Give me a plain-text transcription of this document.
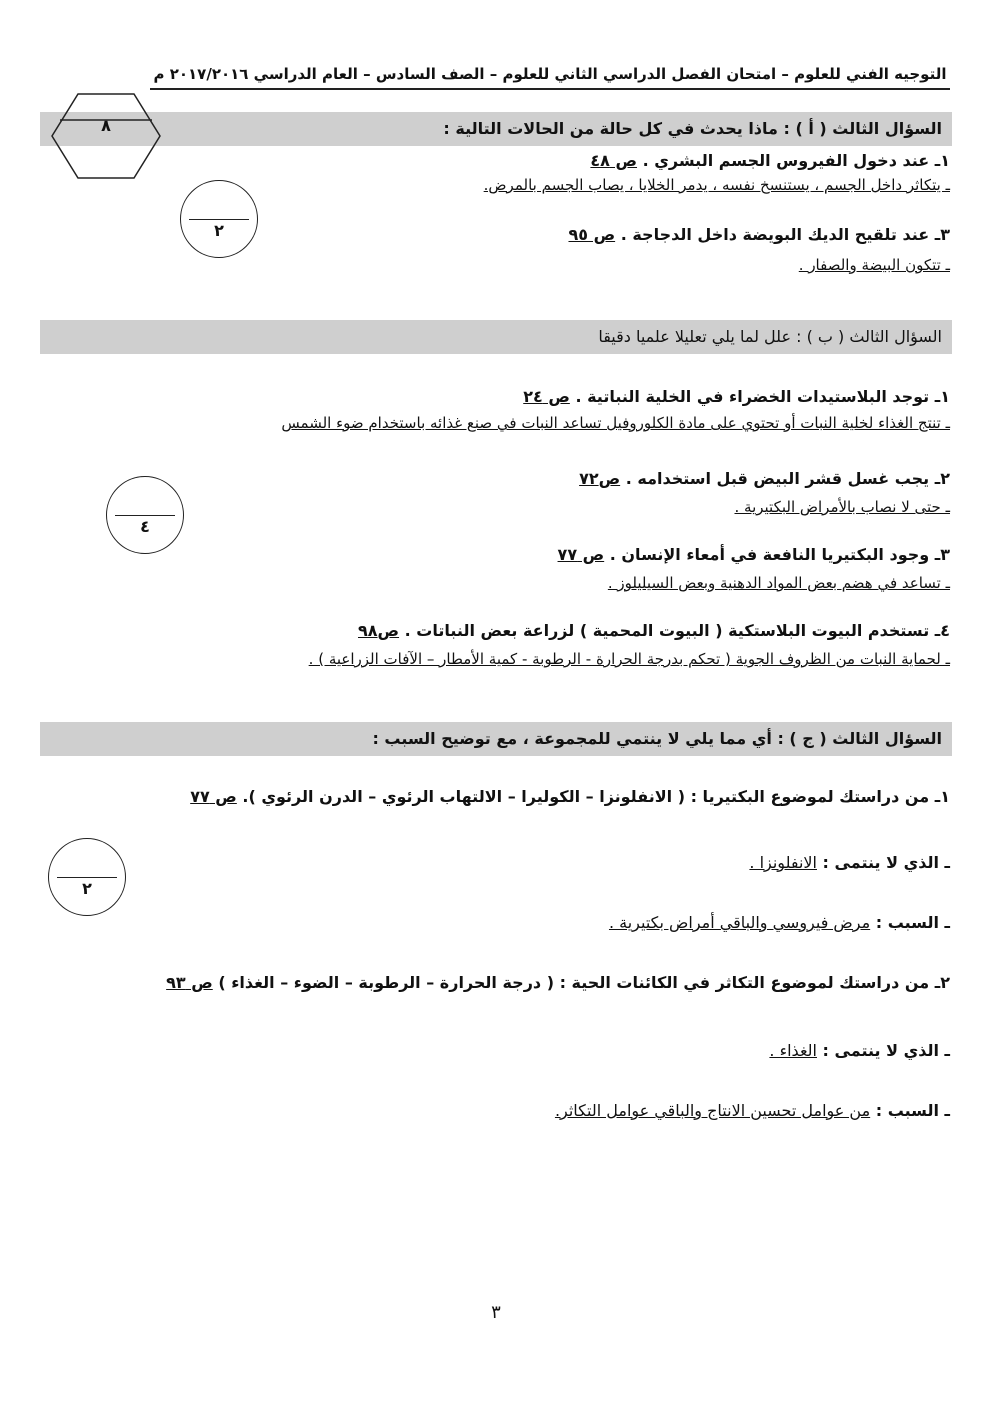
التوجيه الفني للعلوم – امتحان الفصل الدراسي الثاني للعلوم – الصف السادس – العام الدراسي ٢٠١٧/٢٠١٦ م
السؤال الثالث ( أ ) : ماذا يحدث في كل حالة من الحالات التالية :
٨
١ـ عند دخول الفيروس الجسم البشري . ص ٤٨
ـ يتكاثر داخل الجسم ، يستنسخ نفسه ، يدمر الخلايا ، يصاب الجسم بالمرض.
٢	٣ـ عند تلقيح الديك البويضة داخل الدجاجة . ص ٩٥
ـ تتكون البيضة والصفار .
السؤال الثالث ( ب ) : علل لما يلي تعليلا علميا دقيقا
١ـ توجد البلاستيدات الخضراء في الخلية النباتية . ص ٢٤
ـ تنتج الغذاء لخلية النبات أو تحتوي على مادة الكلوروفيل تساعد النبات في صنع غذائه باستخدام ضوء الشمس
٢ـ يجب غسل قشر البيض قبل استخدامه . ص٧٢
ـ حتى لا نصاب بالأمراض البكتيرية .
٤
٣ـ وجود البكتيريا النافعة في أمعاء الإنسان . ص ٧٧
ـ تساعد في هضم بعض المواد الدهنية وبعض السيليلوز .
٤ـ تستخدم البيوت البلاستكية ( البيوت المحمية ) لزراعة بعض النباتات . ص٩٨
ـ لحماية النبات من الظروف الجوية ( تحكم بدرجة الحرارة - الرطوبة - كمية الأمطار – الآفات الزراعية ) .
السؤال الثالث ( ج ) : أي مما يلي لا ينتمي للمجموعة ، مع توضيح السبب :
١ـ من دراستك لموضوع البكتيريا : ( الانفلونزا – الكوليرا – الالتهاب الرئوي – الدرن الرئوي ). ص ٧٧
٢
ـ الذي لا ينتمى : الانفلونزا .
ـ السبب : مرض فيروسي والباقي أمراض بكتيرية .
٢ـ من دراستك لموضوع التكاثر في الكائنات الحية : ( درجة الحرارة – الرطوبة – الضوء – الغذاء ) ص ٩٣
ـ الذي لا ينتمى : الغذاء .
ـ السبب : من عوامل تحسين الانتاج والباقي عوامل التكاثر.
٣
